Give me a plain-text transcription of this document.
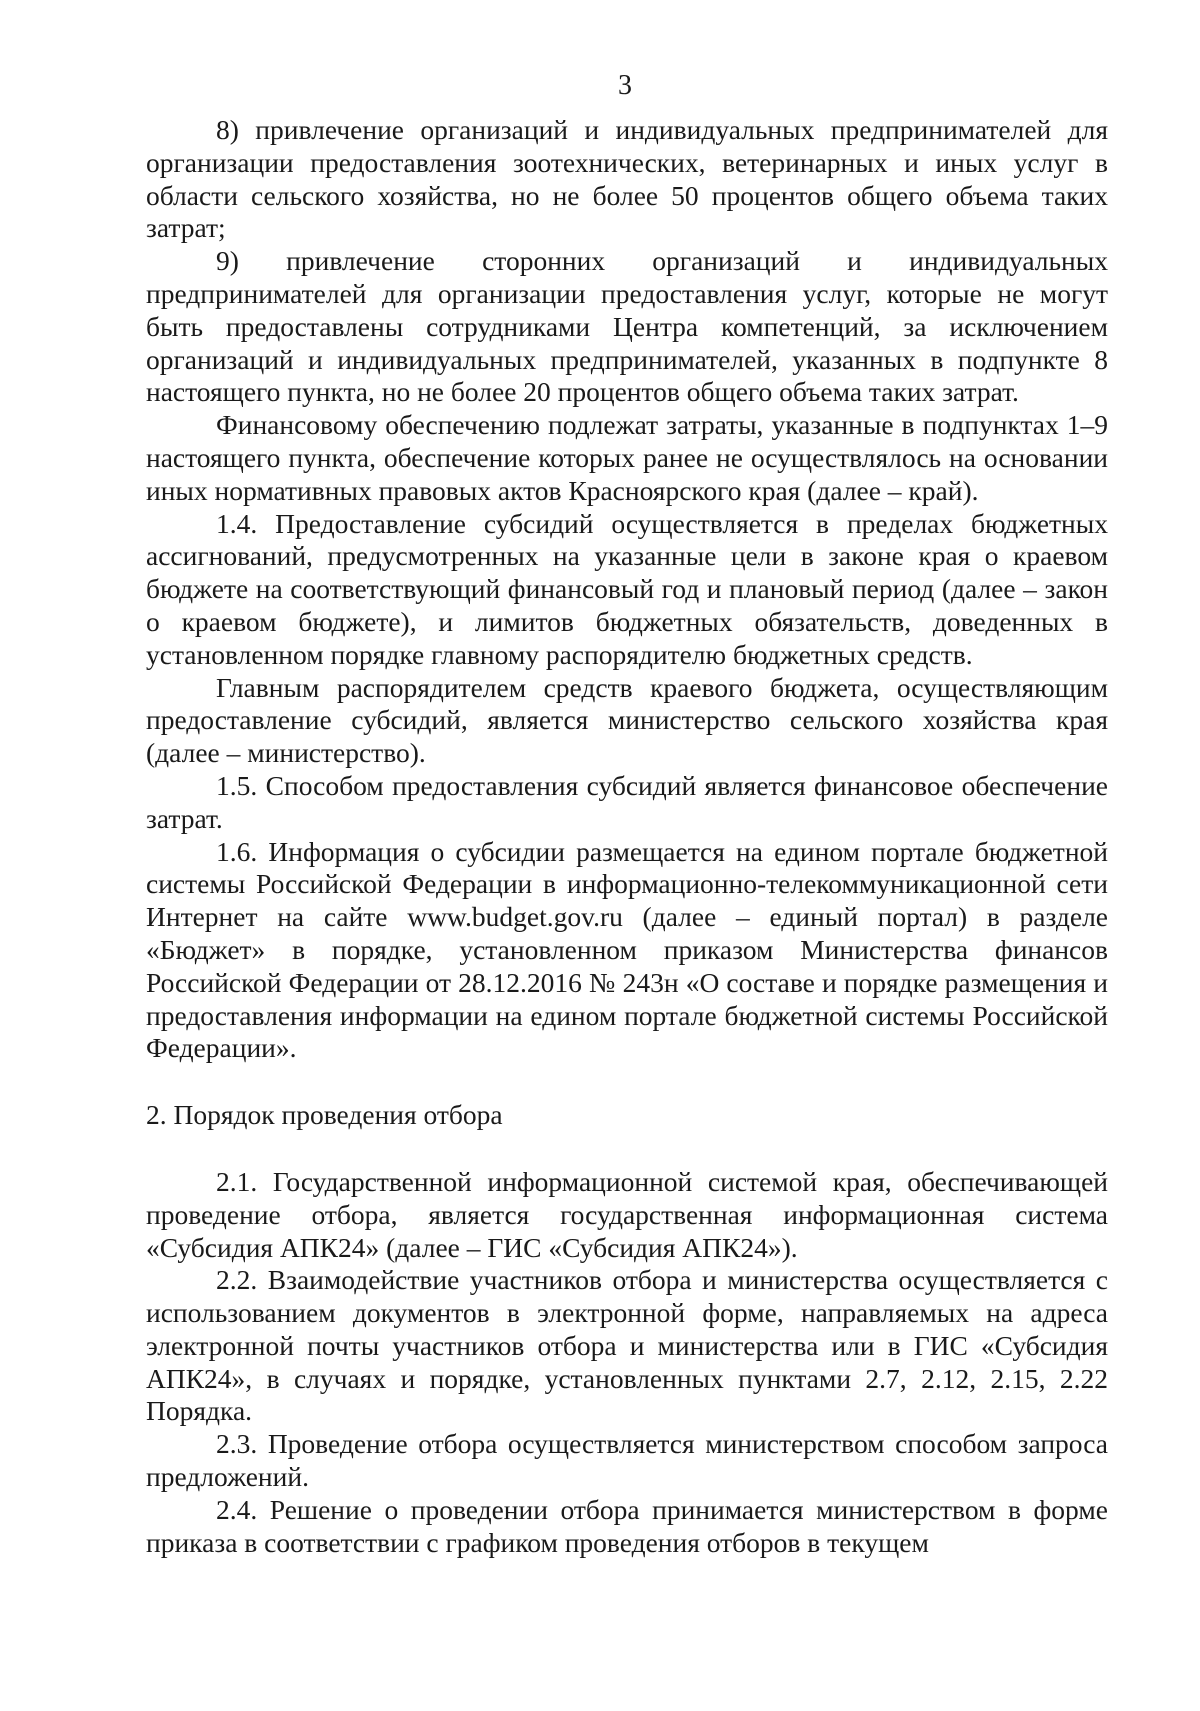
3

8) привлечение организаций и индивидуальных предпринимателей для организации предоставления зоотехнических, ветеринарных и иных услуг в области сельского хозяйства, но не более 50 процентов общего объема таких затрат;

9) привлечение сторонних организаций и индивидуальных предпринимателей для организации предоставления услуг, которые не могут быть предоставлены сотрудниками Центра компетенций, за исключением организаций и индивидуальных предпринимателей, указанных в подпункте 8 настоящего пункта, но не более 20 процентов общего объема таких затрат.

Финансовому обеспечению подлежат затраты, указанные в подпунктах 1–9 настоящего пункта, обеспечение которых ранее не осуществлялось на основании иных нормативных правовых актов Красноярского края (далее – край).

1.4. Предоставление субсидий осуществляется в пределах бюджетных ассигнований, предусмотренных на указанные цели в законе края о краевом бюджете на соответствующий финансовый год и плановый период (далее – закон о краевом бюджете), и лимитов бюджетных обязательств, доведенных в установленном порядке главному распорядителю бюджетных средств.

Главным распорядителем средств краевого бюджета, осуществляющим предоставление субсидий, является министерство сельского хозяйства края (далее – министерство).

1.5. Способом предоставления субсидий является финансовое обеспечение затрат.

1.6. Информация о субсидии размещается на едином портале бюджетной системы Российской Федерации в информационно-телекоммуникационной сети Интернет на сайте www.budget.gov.ru (далее – единый портал) в разделе «Бюджет» в порядке, установленном приказом Министерства финансов Российской Федерации от 28.12.2016 № 243н «О составе и порядке размещения и предоставления информации на едином портале бюджетной системы Российской Федерации».

2. Порядок проведения отбора

2.1. Государственной информационной системой края, обеспечивающей проведение отбора, является государственная информационная система «Субсидия АПК24» (далее – ГИС «Субсидия АПК24»).

2.2. Взаимодействие участников отбора и министерства осуществляется с использованием документов в электронной форме, направляемых на адреса электронной почты участников отбора и министерства или в ГИС «Субсидия АПК24», в случаях и порядке, установленных пунктами 2.7, 2.12, 2.15, 2.22 Порядка.

2.3. Проведение отбора осуществляется министерством способом запроса предложений.

2.4. Решение о проведении отбора принимается министерством в форме приказа в соответствии с графиком проведения отборов в текущем
